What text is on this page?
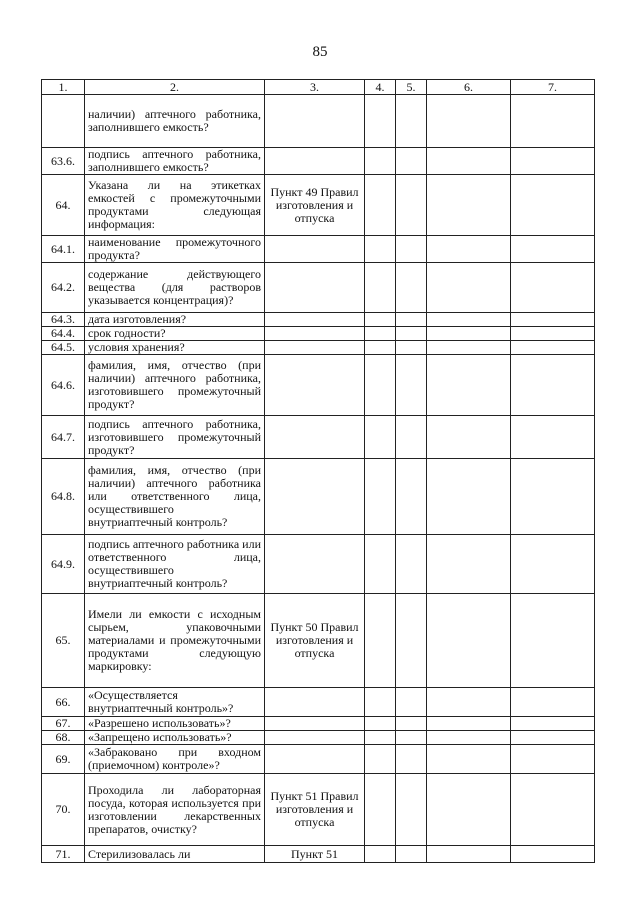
85
1.	2.	3.	4.	5.	6.	7.
	наличии) аптечного работника, заполнившего емкость?					
63.6.	подпись аптечного работника, заполнившего емкость?					
64.	Указана ли на этикетках емкостей с промежуточными продуктами следующая информация:	Пункт 49 Правил изготовления и отпуска				
64.1.	наименование промежуточного продукта?					
64.2.	содержание действующего вещества (для растворов указывается концентрация)?					
64.3.	дата изготовления?					
64.4.	срок годности?					
64.5.	условия хранения?					
64.6.	фамилия, имя, отчество (при наличии) аптечного работника, изготовившего промежуточный продукт?					
64.7.	подпись аптечного работника, изготовившего промежуточный продукт?					
64.8.	фамилия, имя, отчество (при наличии) аптечного работника или ответственного лица, осуществившего внутриаптечный контроль?					
64.9.	подпись аптечного работника или ответственного лица, осуществившего внутриаптечный контроль?					
65.	Имели ли емкости с исходным сырьем, упаковочными материалами и промежуточными продуктами следующую маркировку:	Пункт 50 Правил изготовления и отпуска				
66.	«Осуществляется внутриаптечный контроль»?					
67.	«Разрешено использовать»?					
68.	«Запрещено использовать»?					
69.	«Забраковано при входном (приемочном) контроле»?					
70.	Проходила ли лабораторная посуда, которая используется при изготовлении лекарственных препаратов, очистку?	Пункт 51 Правил изготовления и отпуска				
71.	Стерилизовалась ли	Пункт 51				
